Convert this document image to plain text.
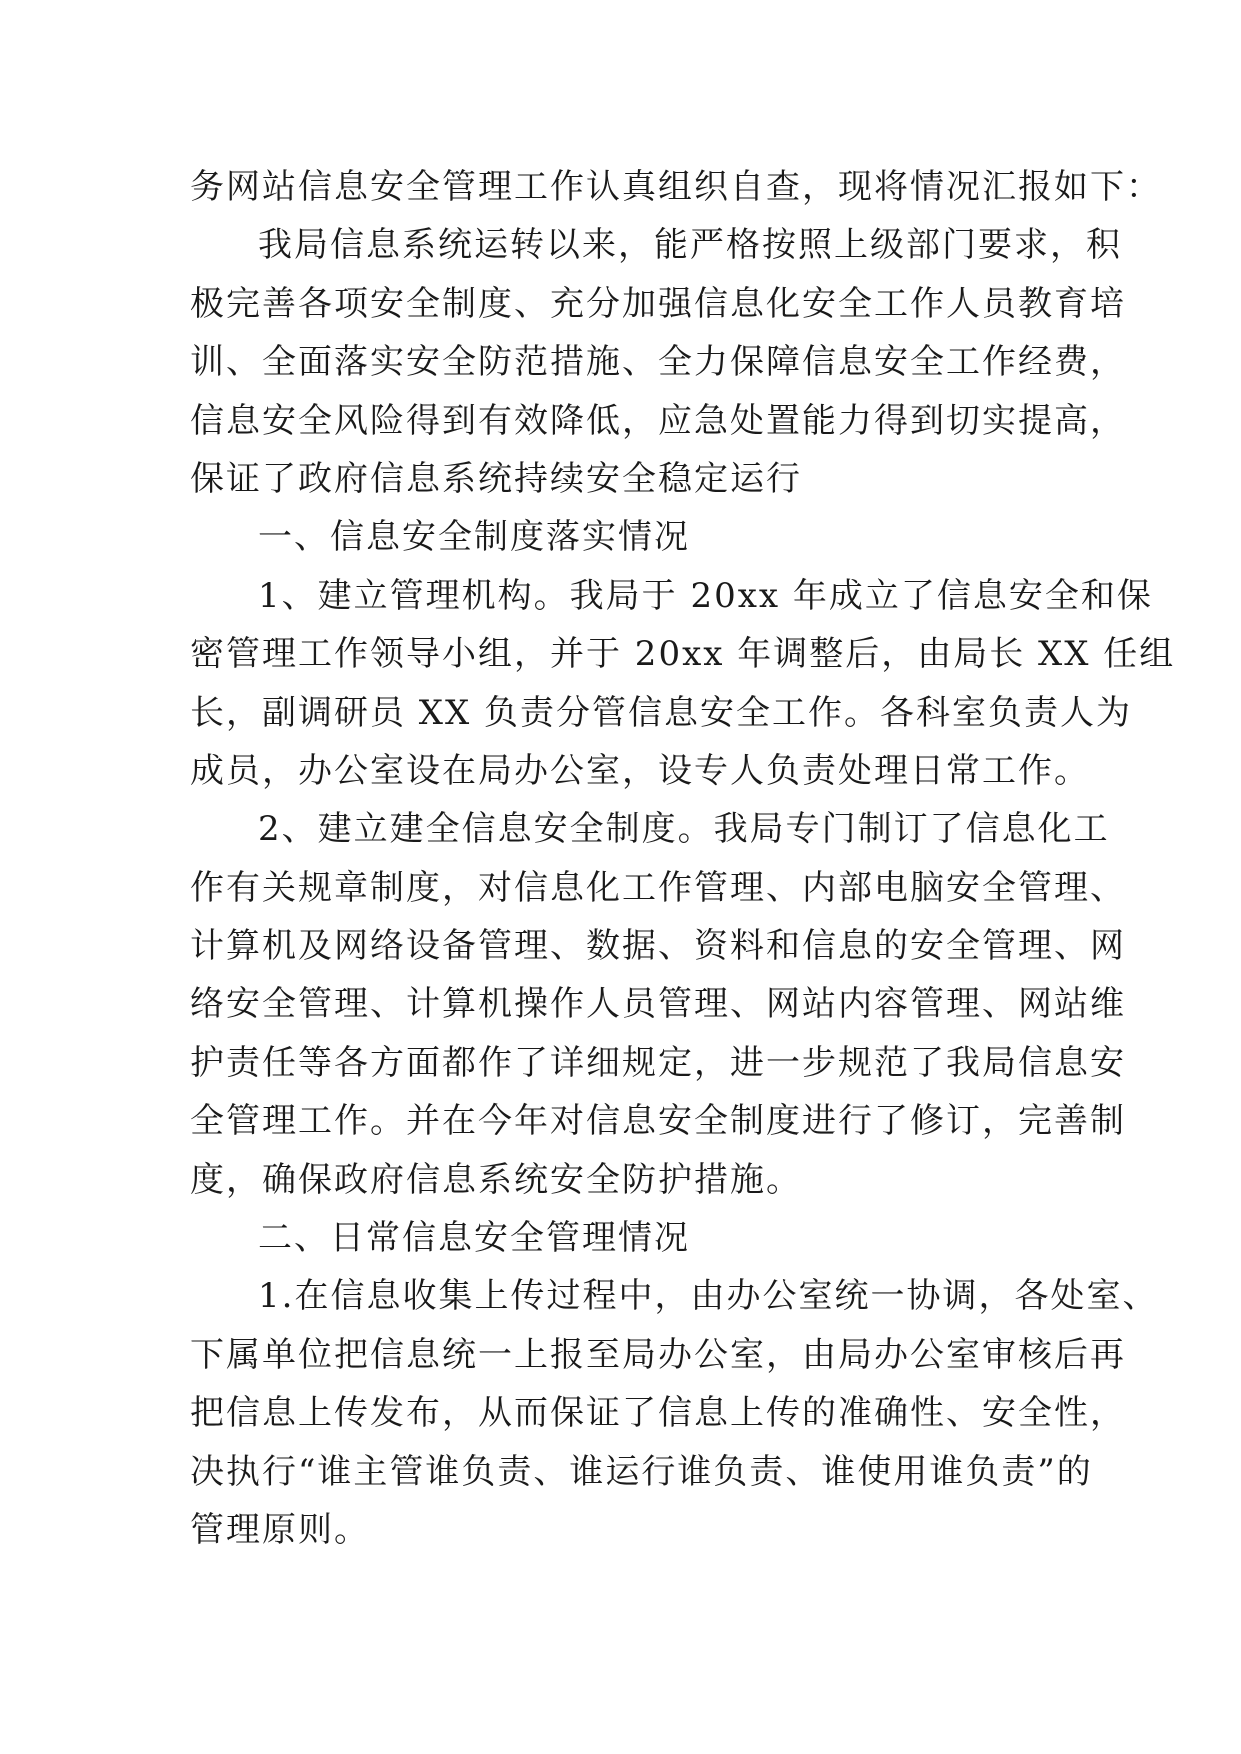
务网站信息安全管理工作认真组织自查，现将情况汇报如下：
我局信息系统运转以来，能严格按照上级部门要求，积
极完善各项安全制度、充分加强信息化安全工作人员教育培
训、全面落实安全防范措施、全力保障信息安全工作经费，
信息安全风险得到有效降低，应急处置能力得到切实提高，
保证了政府信息系统持续安全稳定运行
一、信息安全制度落实情况
1、建立管理机构。我局于 20xx 年成立了信息安全和保
密管理工作领导小组，并于 20xx 年调整后，由局长 XX 任组
长，副调研员 XX 负责分管信息安全工作。各科室负责人为
成员，办公室设在局办公室，设专人负责处理日常工作。
2、建立建全信息安全制度。我局专门制订了信息化工
作有关规章制度，对信息化工作管理、内部电脑安全管理、
计算机及网络设备管理、数据、资料和信息的安全管理、网
络安全管理、计算机操作人员管理、网站内容管理、网站维
护责任等各方面都作了详细规定，进一步规范了我局信息安
全管理工作。并在今年对信息安全制度进行了修订，完善制
度，确保政府信息系统安全防护措施。
二、日常信息安全管理情况
1.在信息收集上传过程中，由办公室统一协调，各处室、
下属单位把信息统一上报至局办公室，由局办公室审核后再
把信息上传发布，从而保证了信息上传的准确性、安全性，
决执行“谁主管谁负责、谁运行谁负责、谁使用谁负责”的
管理原则。
